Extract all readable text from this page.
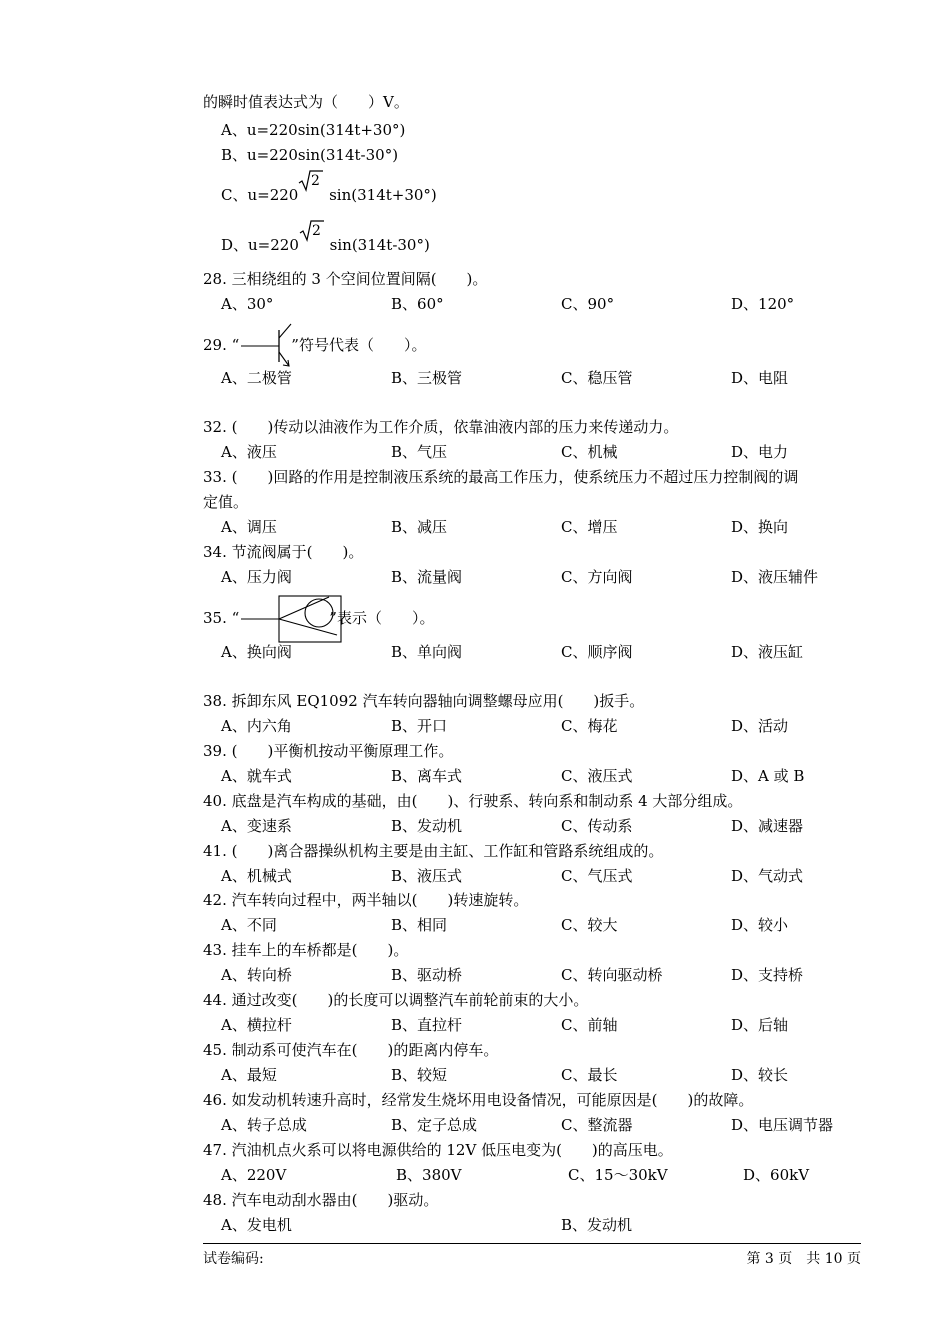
的瞬时值表达式为（　　）V。
A、u=220sin(314t+30°)
B、u=220sin(314t-30°)
C、u=220
2
sin(314t+30°)
D、u=220
2
sin(314t-30°)
28. 三相绕组的 3 个空间位置间隔(　　)。
A、30°	B、60°	C、90°	D、120°
29. “	”符号代表（　　）。
A、二极管	B、三极管	C、稳压管	D、电阻
32. (　　)传动以油液作为工作介质，依靠油液内部的压力来传递动力。
A、液压	B、气压	C、机械	D、电力
33. (　　)回路的作用是控制液压系统的最高工作压力，使系统压力不超过压力控制阀的调
定值。
A、调压	B、减压	C、增压	D、换向
34. 节流阀属于(　　)。
A、压力阀	B、流量阀	C、方向阀	D、液压辅件
35. “	”表示（　　）。
A、换向阀	B、单向阀	C、顺序阀	D、液压缸
38. 拆卸东风 EQ1092 汽车转向器轴向调整螺母应用(　　)扳手。
A、内六角	B、开口	C、梅花	D、活动
39. (　　)平衡机按动平衡原理工作。
A、就车式	B、离车式	C、液压式	D、A 或 B
40. 底盘是汽车构成的基础，由(　　)、行驶系、转向系和制动系 4 大部分组成。
A、变速系	B、发动机	C、传动系	D、减速器
41. (　　)离合器操纵机构主要是由主缸、工作缸和管路系统组成的。
A、机械式	B、液压式	C、气压式	D、气动式
42. 汽车转向过程中，两半轴以(　　)转速旋转。
A、不同	B、相同	C、较大	D、较小
43. 挂车上的车桥都是(　　)。
A、转向桥	B、驱动桥	C、转向驱动桥	D、支持桥
44. 通过改变(　　)的长度可以调整汽车前轮前束的大小。
A、横拉杆	B、直拉杆	C、前轴	D、后轴
45. 制动系可使汽车在(　　)的距离内停车。
A、最短	B、较短	C、最长	D、较长
46. 如发动机转速升高时，经常发生烧坏用电设备情况，可能原因是(　　)的故障。
A、转子总成	B、定子总成	C、整流器	D、电压调节器
47. 汽油机点火系可以将电源供给的 12V 低压电变为(　　)的高压电。
A、220V	B、380V	C、15～30kV	D、60kV
48. 汽车电动刮水器由(　　)驱动。
A、发电机	B、发动机
试卷编码:	第 3 页　共 10 页
